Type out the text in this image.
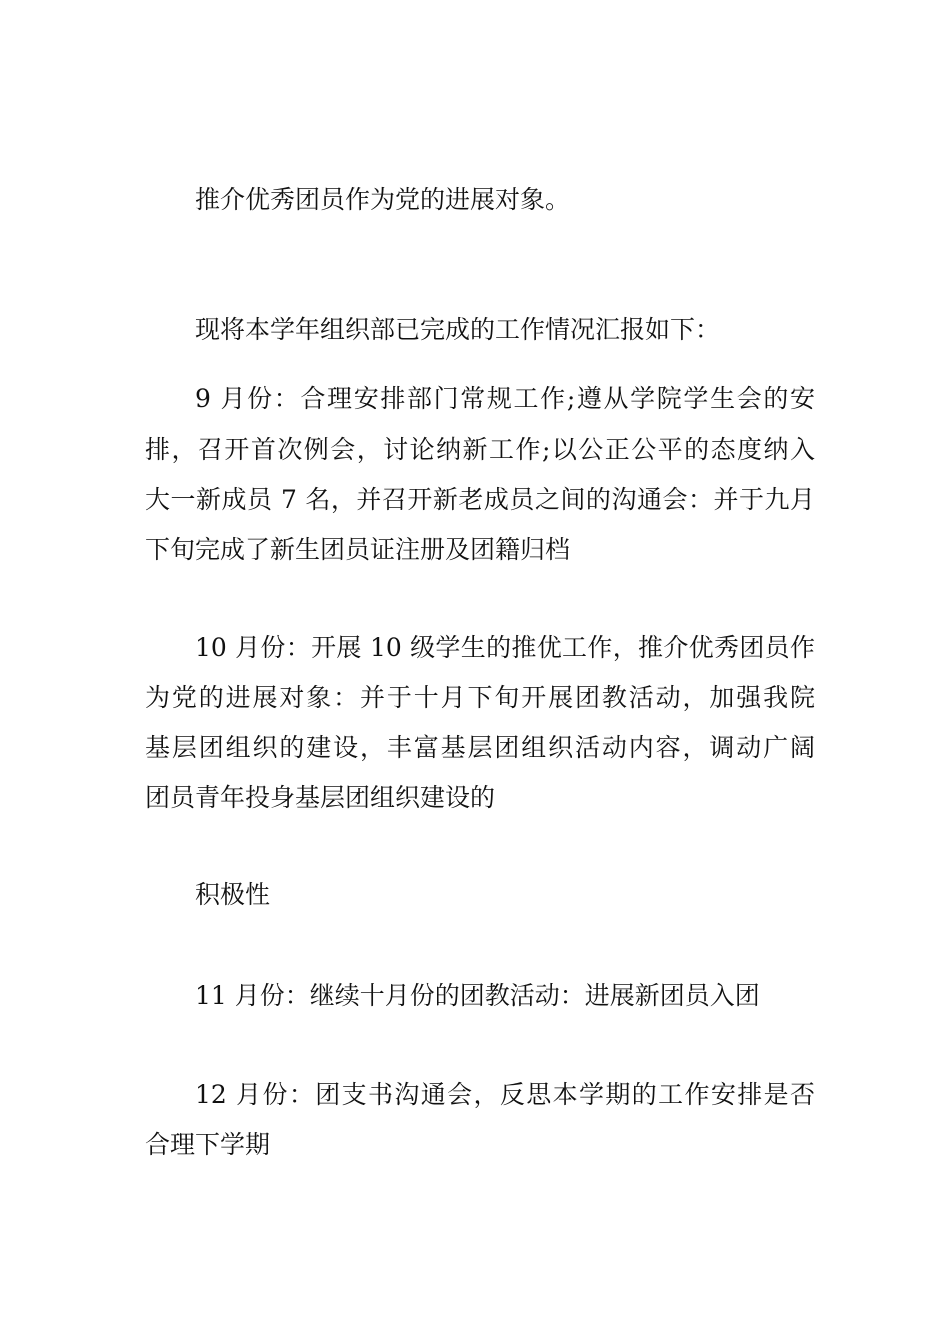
推介优秀团员作为党的进展对象。
现将本学年组织部已完成的工作情况汇报如下：
9 月份：合理安排部门常规工作;遵从学院学生会的安
排，召开首次例会，讨论纳新工作;以公正公平的态度纳入
大一新成员 7 名，并召开新老成员之间的沟通会：并于九月
下旬完成了新生团员证注册及团籍归档
10 月份：开展 10 级学生的推优工作，推介优秀团员作
为党的进展对象：并于十月下旬开展团教活动，加强我院
基层团组织的建设，丰富基层团组织活动内容，调动广阔
团员青年投身基层团组织建设的
积极性
11 月份：继续十月份的团教活动：进展新团员入团
12 月份：团支书沟通会，反思本学期的工作安排是否
合理下学期
